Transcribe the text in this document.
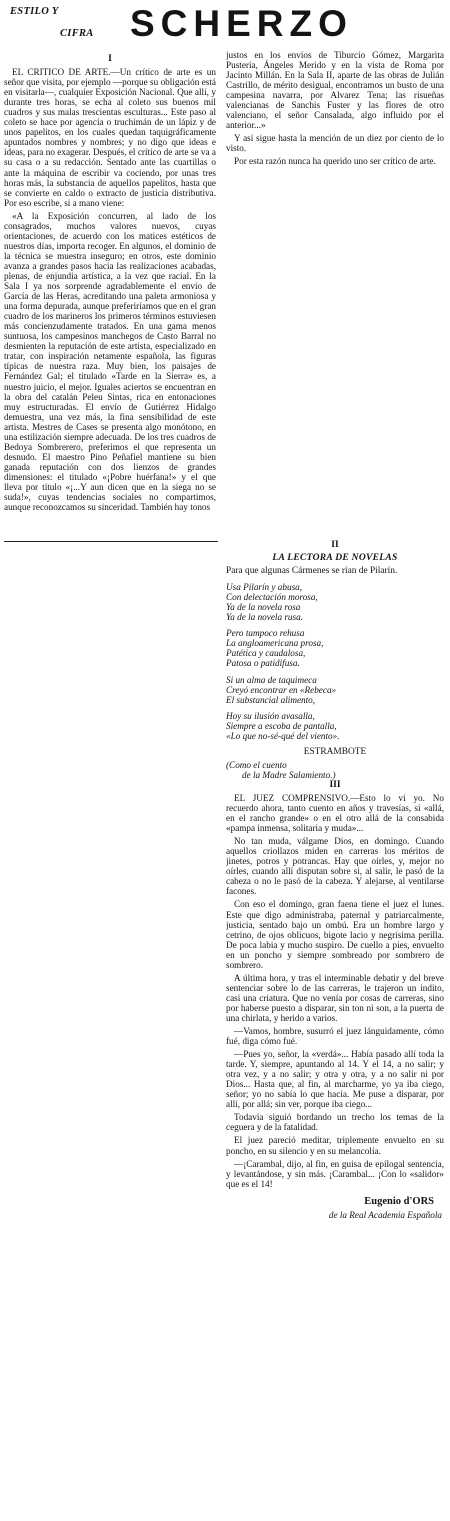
ESTILO Y
CIFRA SCHERZO

I

EL CRITICO DE ARTE.—Un crítico de arte es un señor que visita, por ejemplo —porque su obligación está en visitarla—, cualquier Exposición Nacional. Que allí, y durante tres horas, se echa al coleto sus buenos mil cuadros y sus malas trescientas esculturas... Este paso al coleto se hace por agencia o truchimán de un lápiz y de unos papelitos, en los cuales quedan taquigráficamente apuntados nombres y nombres; y no digo que ideas e ideas, para no exagerar. Después, el crítico de arte se va a su casa o a su redacción. Sentado ante las cuartillas o ante la máquina de escribir va cociendo, por unas tres horas más, la substancia de aquellos papelitos, hasta que se convierte en caldo o extracto de justicia distributiva. Por eso escribe, si a mano viene:

«A la Exposición concurren, al lado de los consagrados, muchos valores nuevos, cuyas orientaciones, de acuerdo con los matices estéticos de nuestros días, importa recoger. En algunos, el dominio de la técnica se muestra inseguro; en otros, este dominio avanza a grandes pasos hacia las realizaciones acabadas, plenas, de enjundia artística, a la vez que racial. En la Sala I ya nos sorprende agradablemente el envío de García de las Heras, acreditando una paleta armoniosa y una forma depurada, aunque preferiríamos que en el gran cuadro de los marineros los primeros términos estuviesen más concienzudamente tratados. En una gama menos suntuosa, los campesinos manchegos de Casto Barral no desmienten la reputación de este artista, especializado en tratar, con inspiración netamente española, las figuras típicas de nuestra raza. Muy bien, los paisajes de Fernández Gal; el titulado «Tarde en la Sierra» es, a nuestro juicio, el mejor. Iguales aciertos se encuentran en la obra del catalán Peleu Sintas, rica en entonaciones muy estructuradas. El envío de Gutiérrez Hidalgo demuestra, una vez más, la fina sensibilidad de este artista. Mestres de Cases se presenta algo monótono, en una estilización siempre adecuada. De los tres cuadros de Bedoya Sombrerero, preferimos el que representa un desnudo. El maestro Pino Peñafiel mantiene su bien ganada reputación con dos lienzos de grandes dimensiones: el titulado «¡Pobre huérfana!» y el que lleva por título «¡...Y aun dicen que en la siega no se suda!», cuyas tendencias sociales no compartimos, aunque reconozcamos su sinceridad. También hay tonos

justos en los envíos de Tiburcio Gómez, Margarita Pustería, Ángeles Merido y en la vista de Roma por Jacinto Millán. En la Sala II, aparte de las obras de Julián Castrillo, de mérito desigual, encontramos un busto de una campesina navarra, por Alvarez Tena; las risueñas valencianas de Sanchis Fuster y las flores de otro valenciano, el señor Cansalada, algo influido por el anterior...»

Y así sigue hasta la mención de un diez por ciento de lo visto.

Por esta razón nunca ha querido uno ser crítico de arte.

II

LA LECTORA DE NOVELAS

Para que algunas Cármenes se rían de Pilarín.

Usa Pilarín y abusa,
Con delectación morosa,
Ya de la novela rosa
Ya de la novela rusa.

Pero tampoco rehusa
La angloamericana prosa,
Patética y caudalosa,
Patosa o patidifusa.

Si un alma de taquimeca
Creyó encontrar en «Rebeca»
El substancial alimento,

Hoy su ilusión avasalla,
Siempre a escoba de pantalla,
«Lo que no-sé-qué del viento».

ESTRAMBOTE

(Como el cuento
de la Madre Salamiento.)

III

EL JUEZ COMPRENSIVO.—Esto lo vi yo. No recuerdo ahora, tanto cuento en años y travesías, si «allá, en el rancho grande» o en el otro allá de la consabida «pampa inmensa, solitaria y muda»...

No tan muda, válgame Dios, en domingo. Cuando aquellos criollazos miden en carreras los méritos de jinetes, potros y potrancas. Hay que oírles, y, mejor no oírles, cuando allí disputan sobre si, al salir, le pasó de la cabeza o no le pasó de la cabeza. Y alejarse, al ventilarse facones.

Con eso el domingo, gran faena tiene el juez el lunes. Este que digo administraba, paternal y patriarcalmente, justicia, sentado bajo un ombú. Era un hombre largo y cetrino, de ojos oblicuos, bigote lacio y negrísima perilla. De poca labia y mucho suspiro. De cuello a pies, envuelto en un poncho y siempre sombreado por sombrero de sombrero.

A última hora, y tras el interminable debatir y del breve sentenciar sobre lo de las carreras, le trajeron un indito, casi una criatura. Que no venía por cosas de carreras, sino por haberse puesto a disparar, sin ton ni son, a la puerta de una chirlata, y herido a varios.

—Vamos, hombre, susurró el juez lánguidamente, cómo fué, diga cómo fué.

—Pues yo, señor, la «verdá»... Había pasado allí toda la tarde. Y, siempre, apuntando al 14. Y el 14, a no salir; y otra vez, y a no salir; y otra y otra, y a no salir ni por Dios... Hasta que, al fin, al marcharme, yo ya iba ciego, señor; yo no sabía lo que hacía. Me puse a disparar, por allí, por allá; sin ver, porque iba ciego...

Todavía siguió bordando un trecho los temas de la ceguera y de la fatalidad.

El juez pareció meditar, triplemente envuelto en su poncho, en su silencio y en su melancolía.

—¡Carambal, dijo, al fin, en guisa de epílogal sentencia, y levantándose, y sin más. ¡Carambal... ¡Con lo «salidor» que es el 14!

Eugenio d'ORS

de la Real Academia Española
